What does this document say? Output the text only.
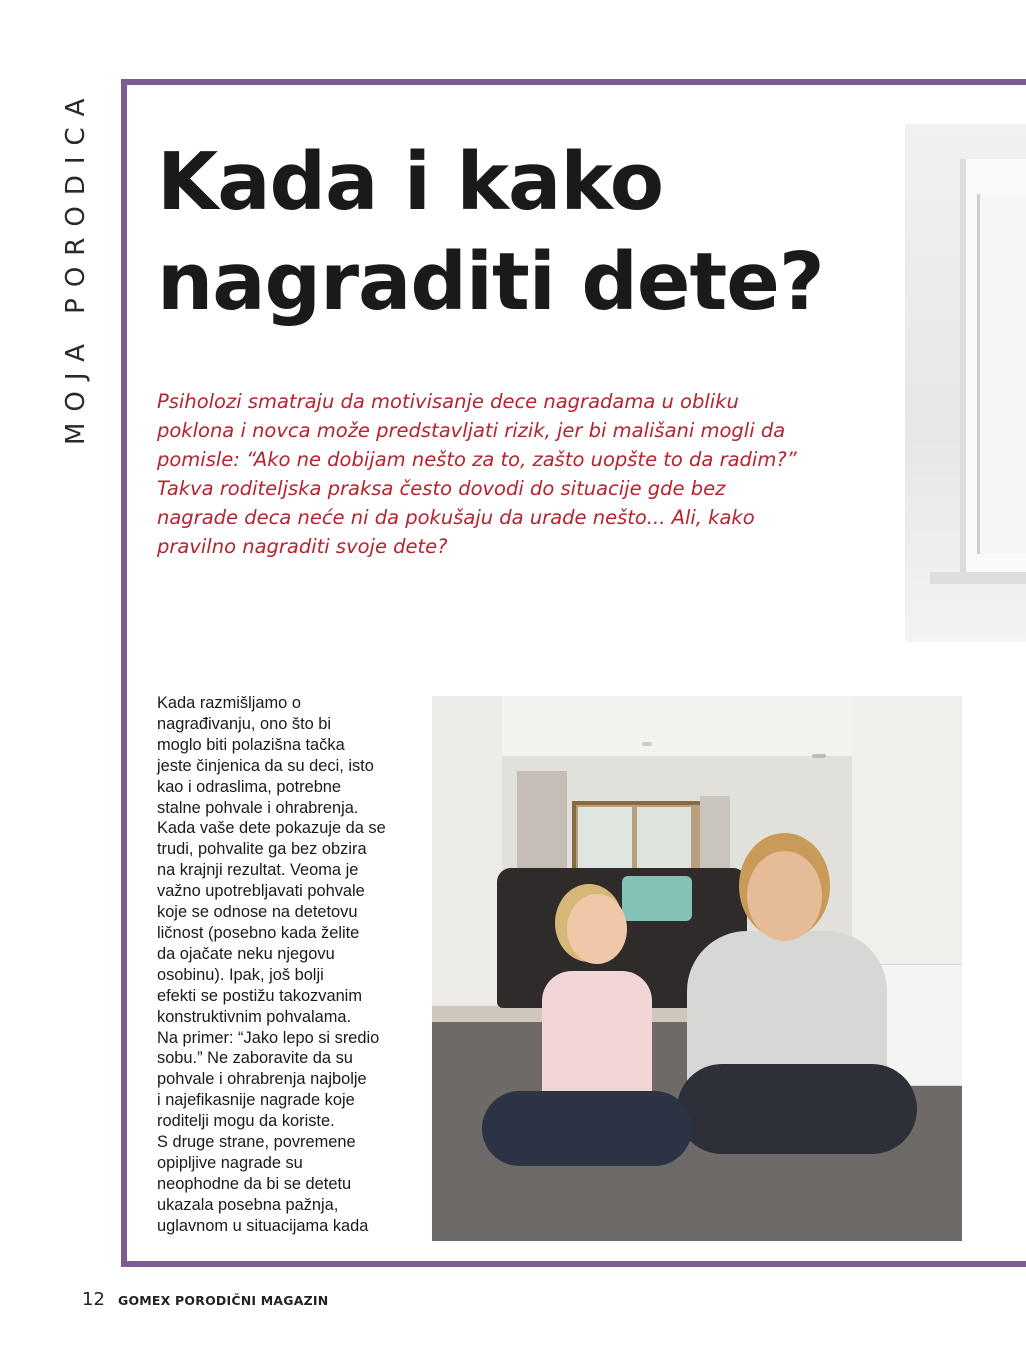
MOJA PORODICA Kada i kako nagraditi dete?

Psiholozi smatraju da motivisanje dece nagradama u obliku poklona i novca može predstavljati rizik, jer bi mališani mogli da pomisle: “Ako ne dobijam nešto za to, zašto uopšte to da radim?” Takva roditeljska praksa često dovodi do situacije gde bez nagrade deca neće ni da pokušaju da urade nešto... Ali, kako pravilno nagraditi svoje dete?

Kada razmišljamo o
nagrađivanju, ono što bi
moglo biti polazišna tačka
jeste činjenica da su deci, isto
kao i odraslima, potrebne
stalne pohvale i ohrabrenja.
Kada vaše dete pokazuje da se
trudi, pohvalite ga bez obzira
na krajnji rezultat. Veoma je
važno upotrebljavati pohvale
koje se odnose na detetovu
ličnost (posebno kada želite
da ojačate neku njegovu
osobinu). Ipak, još bolji
efekti se postižu takozvanim
konstruktivnim pohvalama.
Na primer: “Jako lepo si sredio
sobu.” Ne zaboravite da su
pohvale i ohrabrenja najbolje
i najefikasnije nagrade koje
roditelji mogu da koriste.
S druge strane, povremene
opipljive nagrade su
neophodne da bi se detetu
ukazala posebna pažnja,
uglavnom u situacijama kada

12 GOMEX PORODIČNI MAGAZIN
